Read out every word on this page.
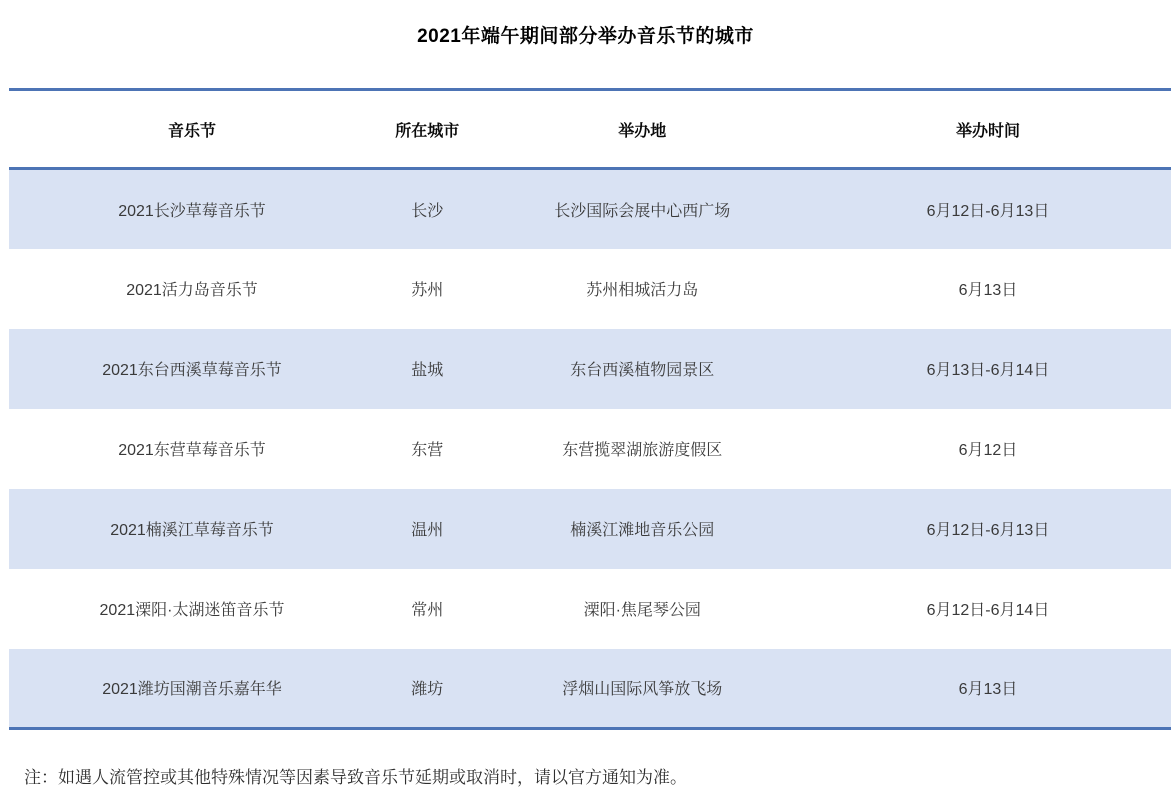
2021年端午期间部分举办音乐节的城市
音乐节	所在城市	举办地	举办时间
2021长沙草莓音乐节	长沙	长沙国际会展中心西广场	6月12日-6月13日
2021活力岛音乐节	苏州	苏州相城活力岛	6月13日
2021东台西溪草莓音乐节	盐城	东台西溪植物园景区	6月13日-6月14日
2021东营草莓音乐节	东营	东营揽翠湖旅游度假区	6月12日
2021楠溪江草莓音乐节	温州	楠溪江滩地音乐公园	6月12日-6月13日
2021溧阳·太湖迷笛音乐节	常州	溧阳·焦尾琴公园	6月12日-6月14日
2021潍坊国潮音乐嘉年华	潍坊	浮烟山国际风筝放飞场	6月13日

注：如遇人流管控或其他特殊情况等因素导致音乐节延期或取消时，请以官方通知为准。
